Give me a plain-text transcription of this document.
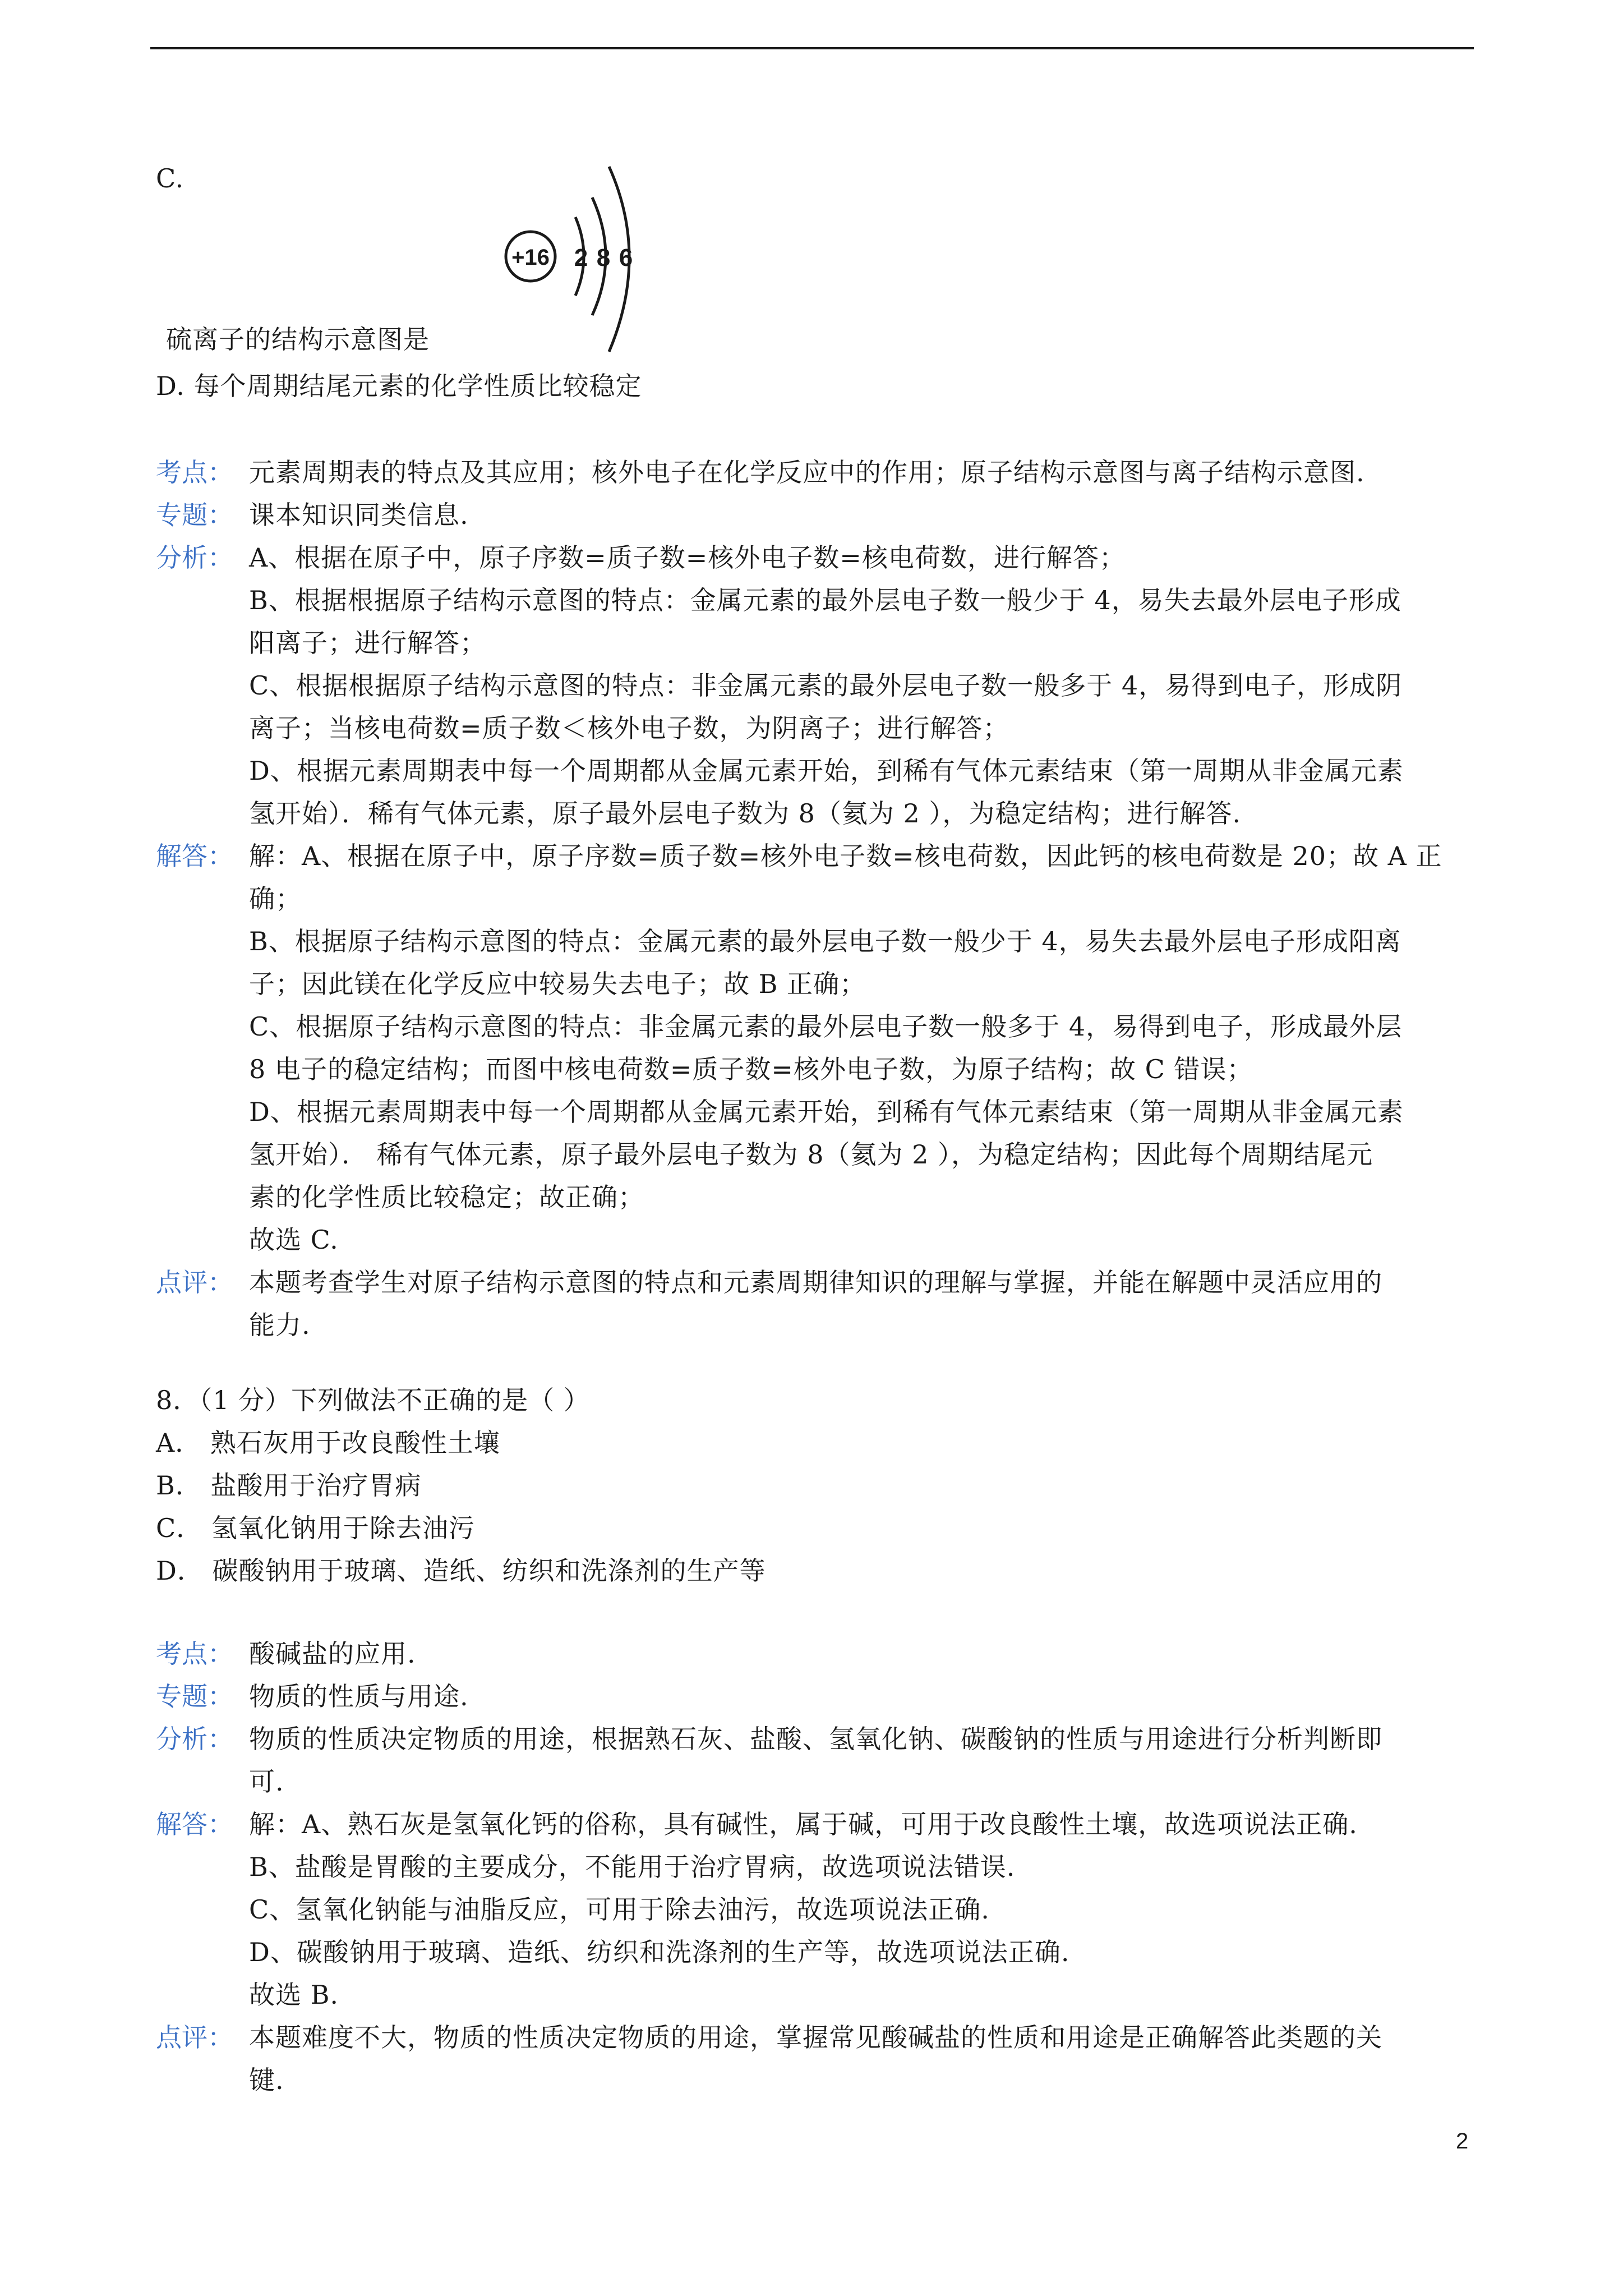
C.
+16 2 8 6
硫离子的结构示意图是
D. 每个周期结尾元素的化学性质比较稳定
考点： 元素周期表的特点及其应用；核外电子在化学反应中的作用；原子结构示意图与离子结构示意图.
专题： 课本知识同类信息.
分析： A、根据在原子中，原子序数=质子数=核外电子数=核电荷数，进行解答；
B、根据根据原子结构示意图的特点：金属元素的最外层电子数一般少于 4，易失去最外层电子形成
阳离子；进行解答；
C、根据根据原子结构示意图的特点：非金属元素的最外层电子数一般多于 4，易得到电子，形成阴
离子；当核电荷数=质子数＜核外电子数，为阴离子；进行解答；
D、根据元素周期表中每一个周期都从金属元素开始，到稀有气体元素结束（第一周期从非金属元素
氢开始）．稀有气体元素，原子最外层电子数为 8（氦为 2 ），为稳定结构；进行解答.
解答： 解：A、根据在原子中，原子序数=质子数=核外电子数=核电荷数，因此钙的核电荷数是 20；故 A 正
确；
B、根据原子结构示意图的特点：金属元素的最外层电子数一般少于 4，易失去最外层电子形成阳离
子；因此镁在化学反应中较易失去电子；故 B 正确；
C、根据原子结构示意图的特点：非金属元素的最外层电子数一般多于 4，易得到电子，形成最外层
8 电子的稳定结构；而图中核电荷数=质子数=核外电子数，为原子结构；故 C 错误；
D、根据元素周期表中每一个周期都从金属元素开始，到稀有气体元素结束（第一周期从非金属元素
氢开始）． 稀有气体元素，原子最外层电子数为 8（氦为 2 ），为稳定结构；因此每个周期结尾元
素的化学性质比较稳定；故正确；
故选 C.
点评： 本题考查学生对原子结构示意图的特点和元素周期律知识的理解与掌握，并能在解题中灵活应用的
能力.
8．（1 分）下列做法不正确的是（ ）
A． 熟石灰用于改良酸性土壤
B． 盐酸用于治疗胃病
C． 氢氧化钠用于除去油污
D． 碳酸钠用于玻璃、造纸、纺织和洗涤剂的生产等
考点： 酸碱盐的应用.
专题： 物质的性质与用途.
分析： 物质的性质决定物质的用途，根据熟石灰、盐酸、氢氧化钠、碳酸钠的性质与用途进行分析判断即
可.
解答： 解：A、熟石灰是氢氧化钙的俗称，具有碱性，属于碱，可用于改良酸性土壤，故选项说法正确.
B、盐酸是胃酸的主要成分，不能用于治疗胃病，故选项说法错误.
C、氢氧化钠能与油脂反应，可用于除去油污，故选项说法正确.
D、碳酸钠用于玻璃、造纸、纺织和洗涤剂的生产等，故选项说法正确.
故选 B.
点评： 本题难度不大，物质的性质决定物质的用途，掌握常见酸碱盐的性质和用途是正确解答此类题的关
键.
2
